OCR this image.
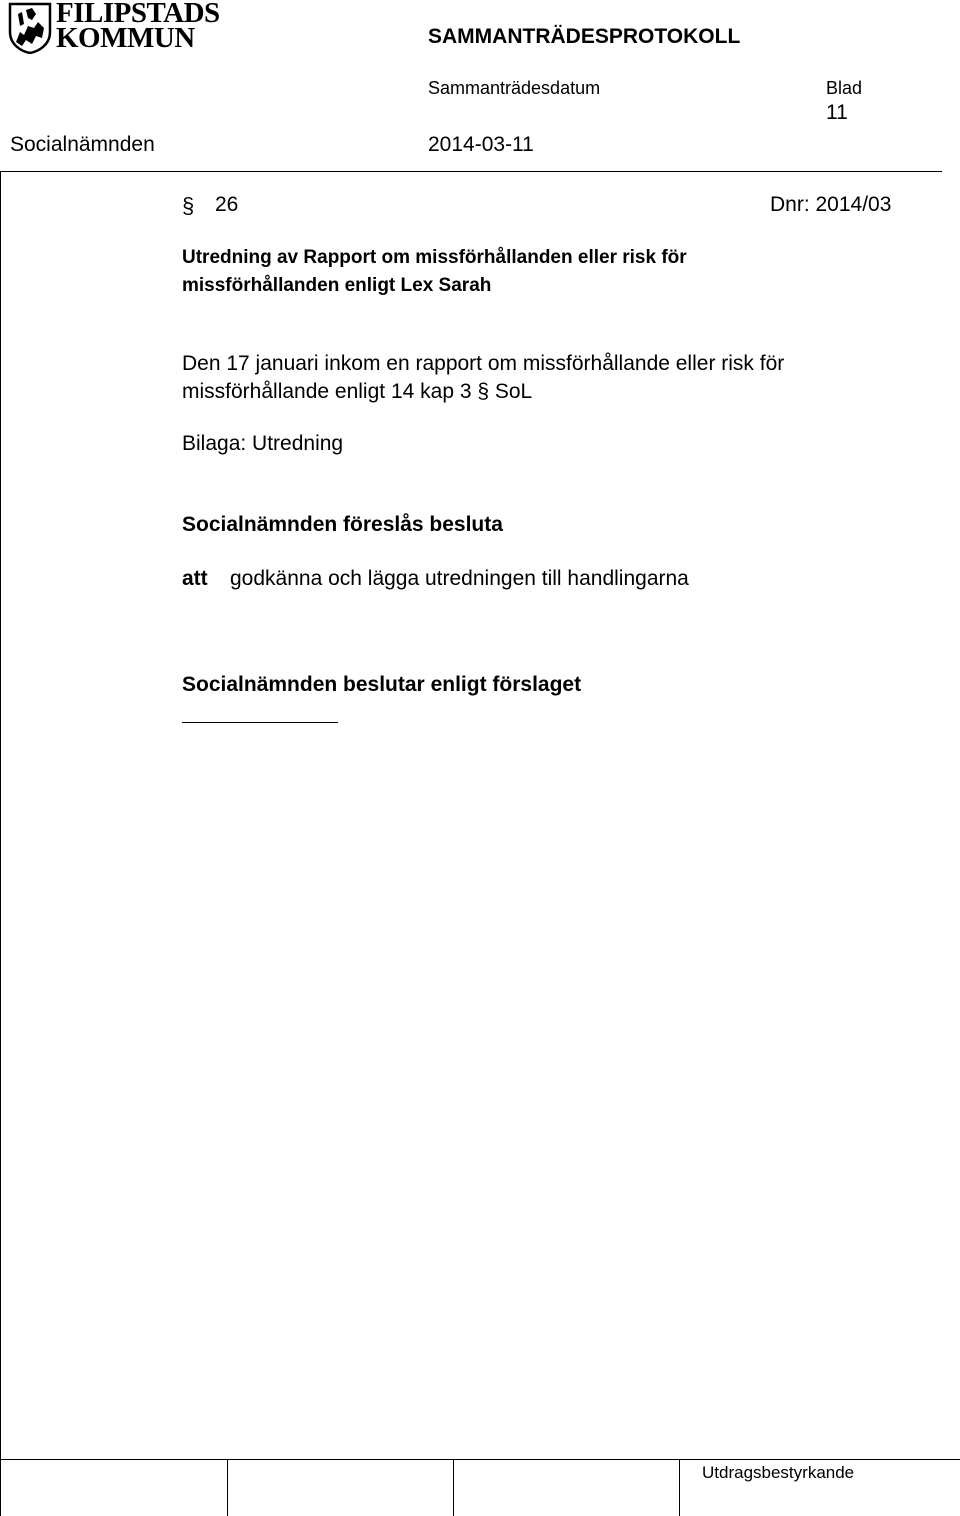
FILIPSTADS
KOMMUN	SAMMANTRÄDESPROTOKOLL
Sammanträdesdatum	Blad
11
Socialnämnden	2014-03-11
§ 26	Dnr: 2014/03
Utredning av Rapport om missförhållanden eller risk för
missförhållanden enligt Lex Sarah
Den 17 januari inkom en rapport om missförhållande eller risk för
missförhållande enligt 14 kap 3 § SoL
Bilaga: Utredning
Socialnämnden föreslås besluta
att godkänna och lägga utredningen till handlingarna
Socialnämnden beslutar enligt förslaget
Utdragsbestyrkande
